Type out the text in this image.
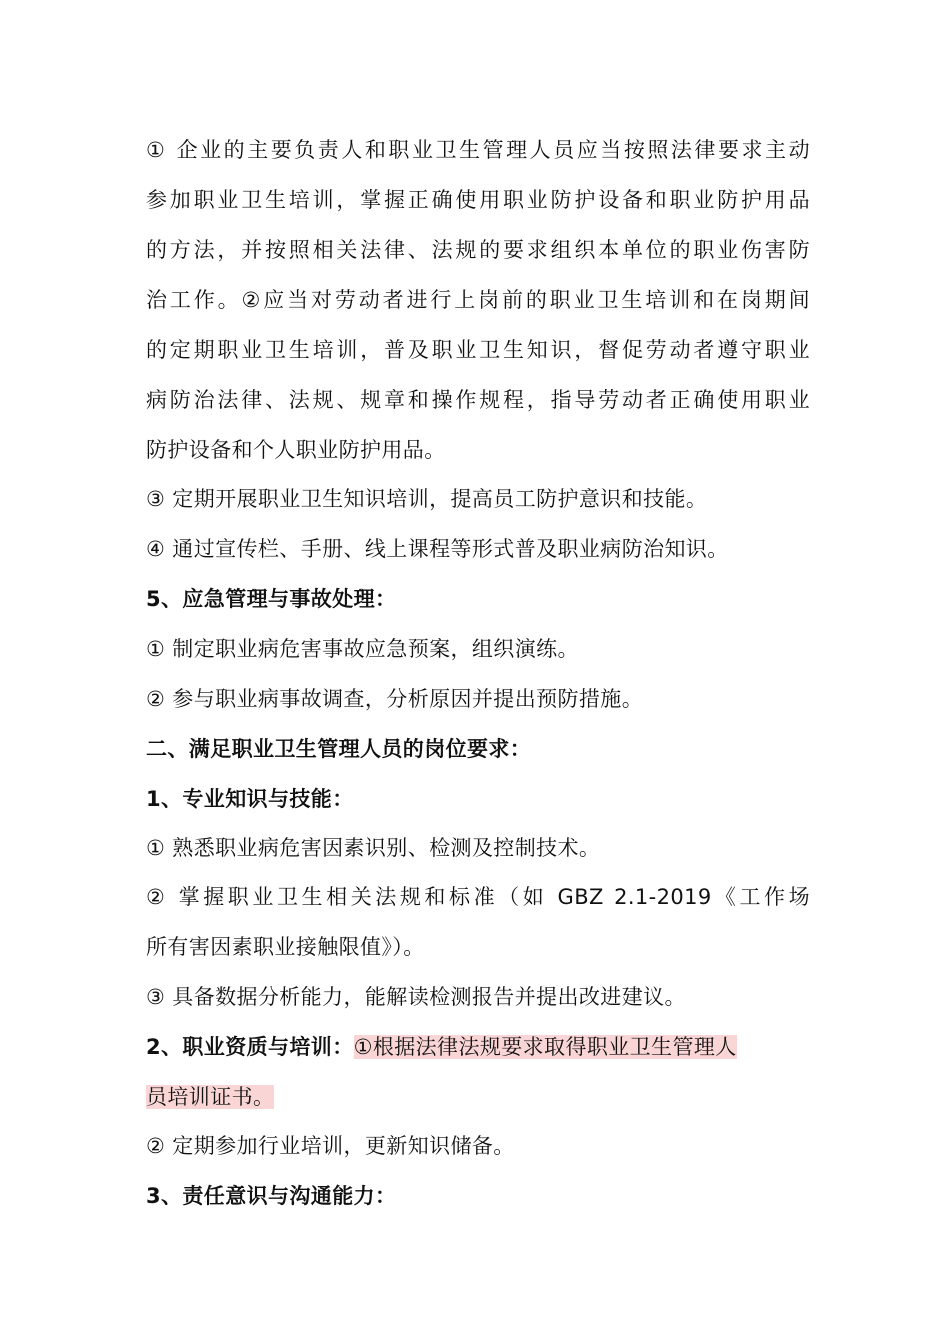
① 企业的主要负责人和职业卫生管理人员应当按照法律要求主动
参加职业卫生培训，掌握正确使用职业防护设备和职业防护用品
的方法，并按照相关法律、法规的要求组织本单位的职业伤害防
治工作。②应当对劳动者进行上岗前的职业卫生培训和在岗期间
的定期职业卫生培训，普及职业卫生知识，督促劳动者遵守职业
病防治法律、法规、规章和操作规程，指导劳动者正确使用职业
防护设备和个人职业防护用品。
③ 定期开展职业卫生知识培训，提高员工防护意识和技能。
④ 通过宣传栏、手册、线上课程等形式普及职业病防治知识。
5、应急管理与事故处理：
① 制定职业病危害事故应急预案，组织演练。
② 参与职业病事故调查，分析原因并提出预防措施。
二、满足职业卫生管理人员的岗位要求：
1、专业知识与技能：
① 熟悉职业病危害因素识别、检测及控制技术。
② 掌握职业卫生相关法规和标准（如 GBZ 2.1-2019《工作场
所有害因素职业接触限值》）。
③ 具备数据分析能力，能解读检测报告并提出改进建议。
2、职业资质与培训：①根据法律法规要求取得职业卫生管理人
员培训证书。
② 定期参加行业培训，更新知识储备。
3、责任意识与沟通能力：
